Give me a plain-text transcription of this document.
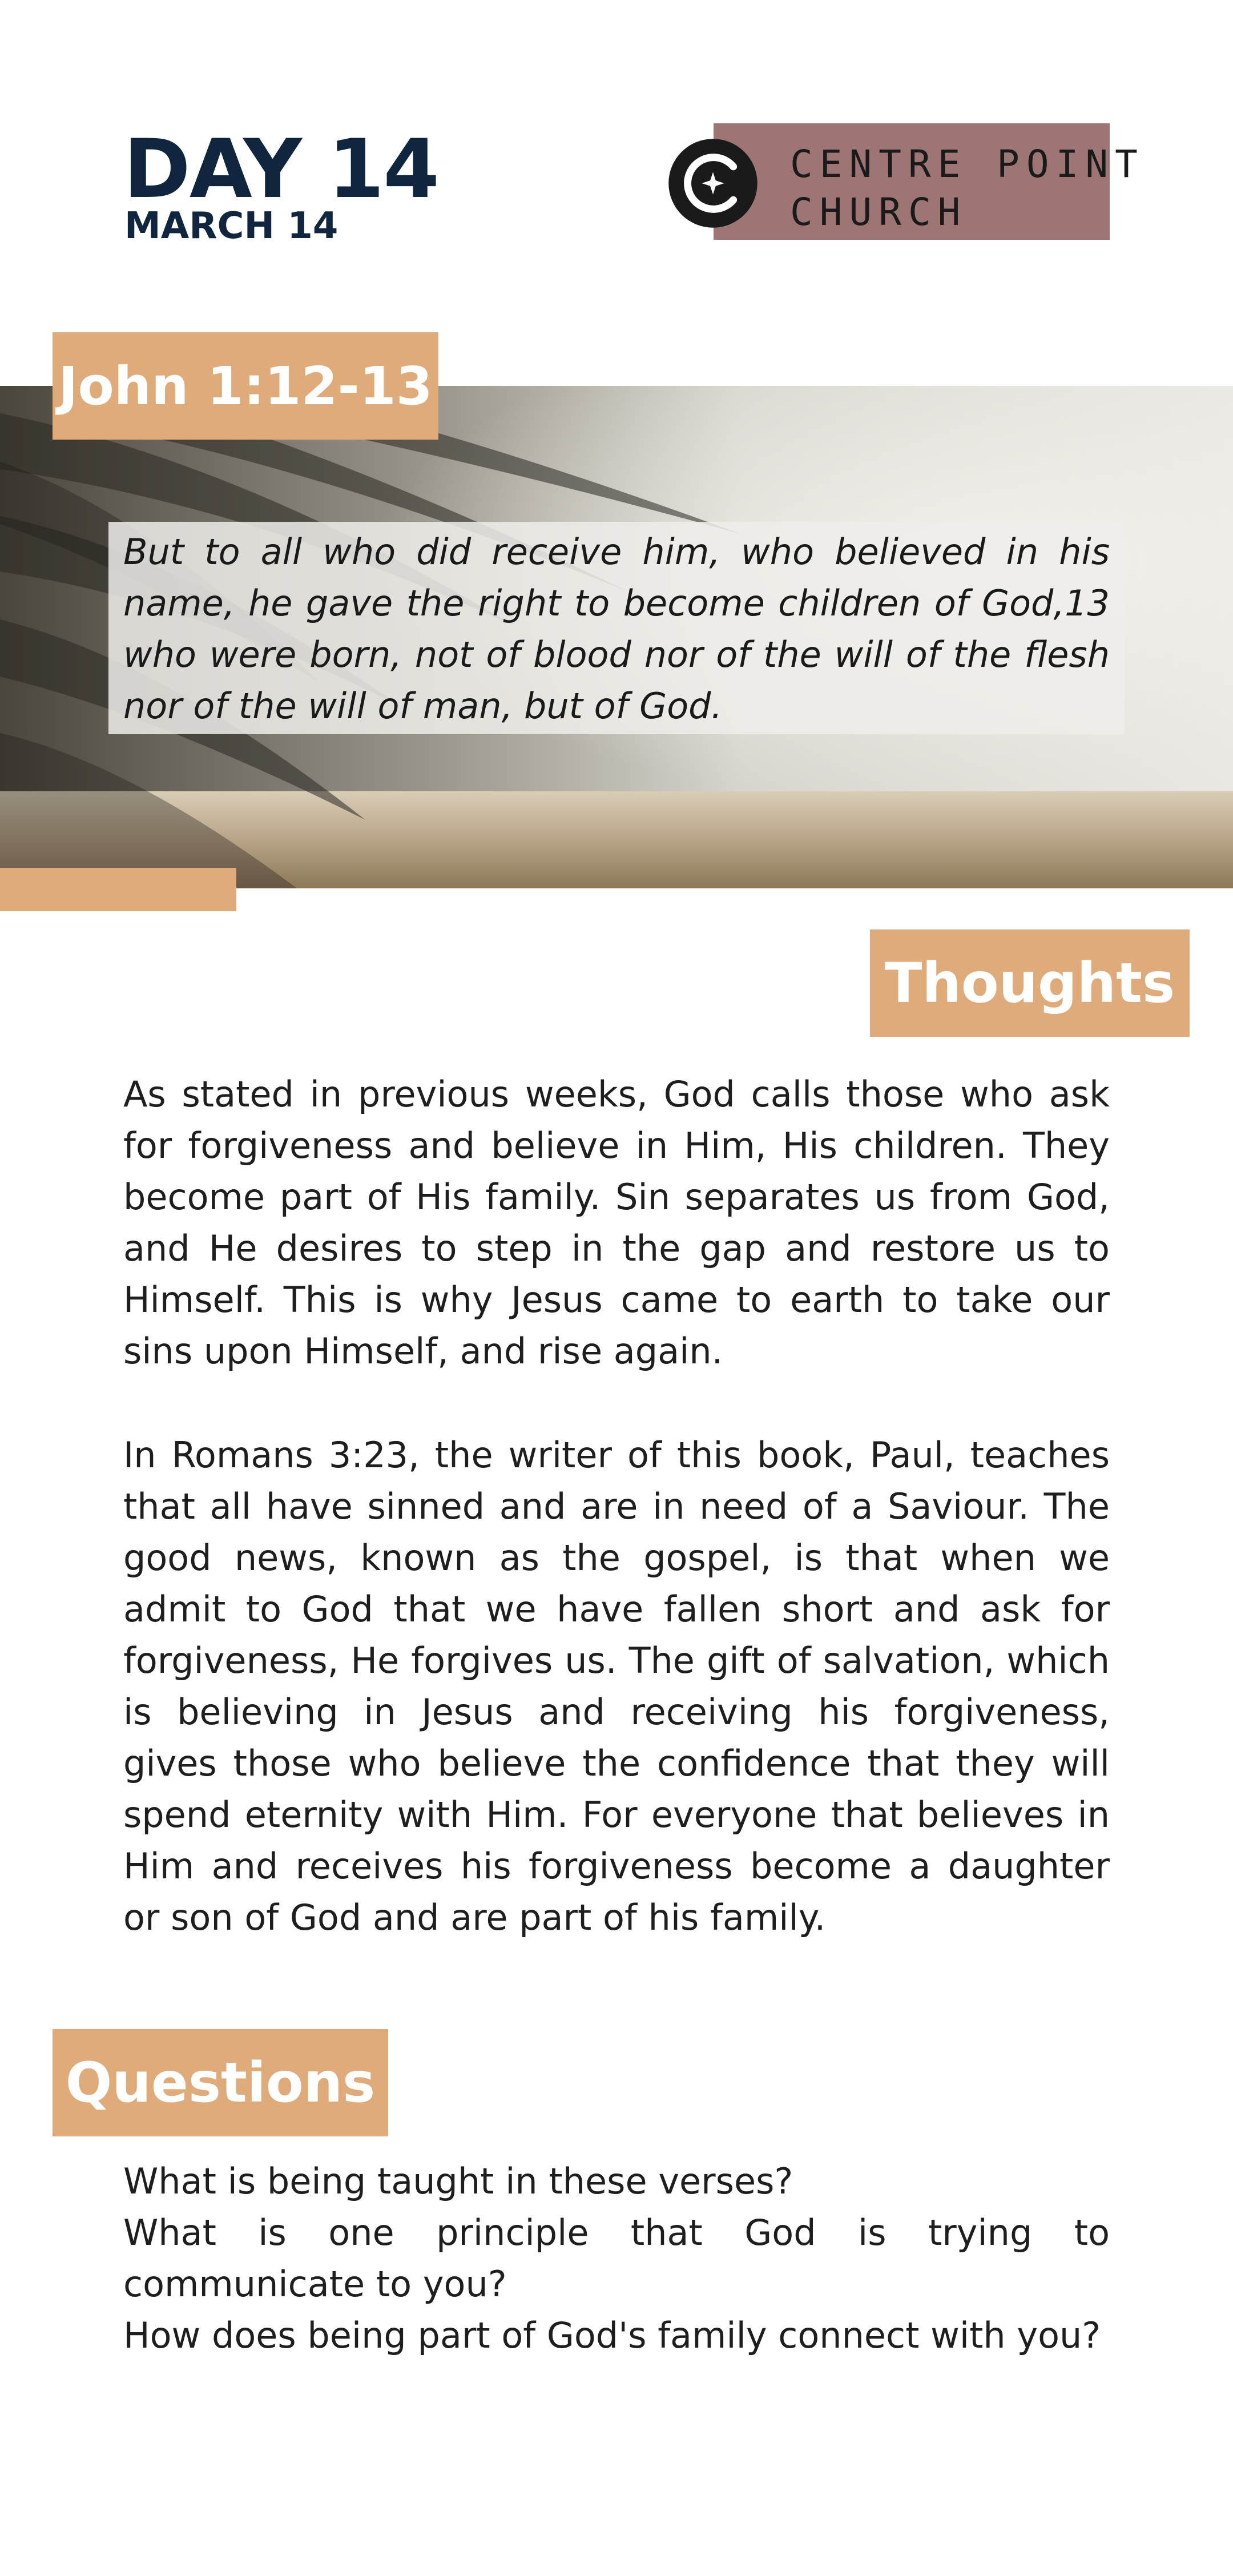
DAY 14
MARCH 14
CENTRE POINT
CHURCH
John 1:12-13
But to all who did receive him, who believed in his name, he gave the right to become children of God,13 who were born, not of blood nor of the will of the flesh nor of the will of man, but of God.
Thoughts
As stated in previous weeks, God calls those who ask for forgiveness and believe in Him, His children. They become part of His family. Sin separates us from God, and He desires to step in the gap and restore us to Himself. This is why Jesus came to earth to take our sins upon Himself, and rise again.
In Romans 3:23, the writer of this book, Paul, teaches that all have sinned and are in need of a Saviour. The good news, known as the gospel, is that when we admit to God that we have fallen short and ask for forgiveness, He forgives us. The gift of salvation, which is believing in Jesus and receiving his forgiveness, gives those who believe the confidence that they will spend eternity with Him. For everyone that believes in Him and receives his forgiveness become a daughter or son of God and are part of his family.
Questions

What is being taught in these verses?

What is one principle that God is trying to communicate to you?

How does being part of God's family connect with you?
